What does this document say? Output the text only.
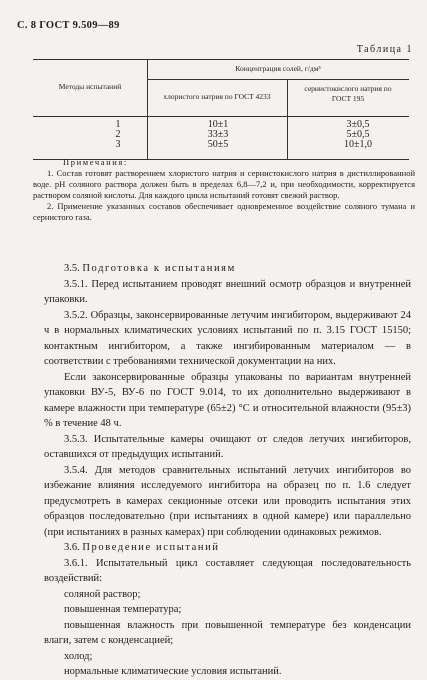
С. 8 ГОСТ 9.509—89
Таблица 1
Методы испытаний
Концентрация солей, г/дм³
хлористого натрия по ГОСТ 4233
сернистокислого натрия по
ГОСТ 195
1
2
3
10±1
33±3
50±5
3±0,5
5±0,5
10±1,0
Примечания:
1. Состав готовят растворением хлористого натрия и сернистокислого натрия в дистиллированной воде. рН соляного раствора должен быть в пределах 6,8—7,2 и, при необходимости, корректируется раствором соляной кислоты. Для каждого цикла испытаний готовят свежий раствор.
2. Применение указанных составов обеспечивает одновременное воздействие соляного тумана и сернистого газа.

3.5. Подготовка к испытаниям

3.5.1. Перед испытанием проводят внешний осмотр образцов и внутренней упаковки.

3.5.2. Образцы, законсервированные летучим ингибитором, выдерживают 24 ч в нормальных климатических условиях испытаний по п. 3.15 ГОСТ 15150; контактным ингибитором, а также ингибированным материалом — в соответствии с требованиями технической документации на них.

Если законсервированные образцы упакованы по вариантам внутренней упаковки ВУ-5, ВУ-6 по ГОСТ 9.014, то их дополнительно выдерживают в камере влажности при температуре (65±2) °С и относительной влажности (95±3) % в течение 48 ч.

3.5.3. Испытательные камеры очищают от следов летучих ингибиторов, оставшихся от предыдущих испытаний.

3.5.4. Для методов сравнительных испытаний летучих ингибиторов во избежание влияния исследуемого ингибитора на образец по п. 1.6 следует предусмотреть в камерах секционные отсеки или проводить испытания этих образцов последовательно (при испытаниях в одной камере) или параллельно (при испытаниях в разных камерах) при соблюдении одинаковых режимов.

3.6. Проведение испытаний

3.6.1. Испытательный цикл составляет следующая последовательность воздействий:

соляной раствор;

повышенная температура;

повышенная влажность при повышенной температуре без конденсации влаги, затем с конденсацией;

холод;

нормальные климатические условия испытаний.
